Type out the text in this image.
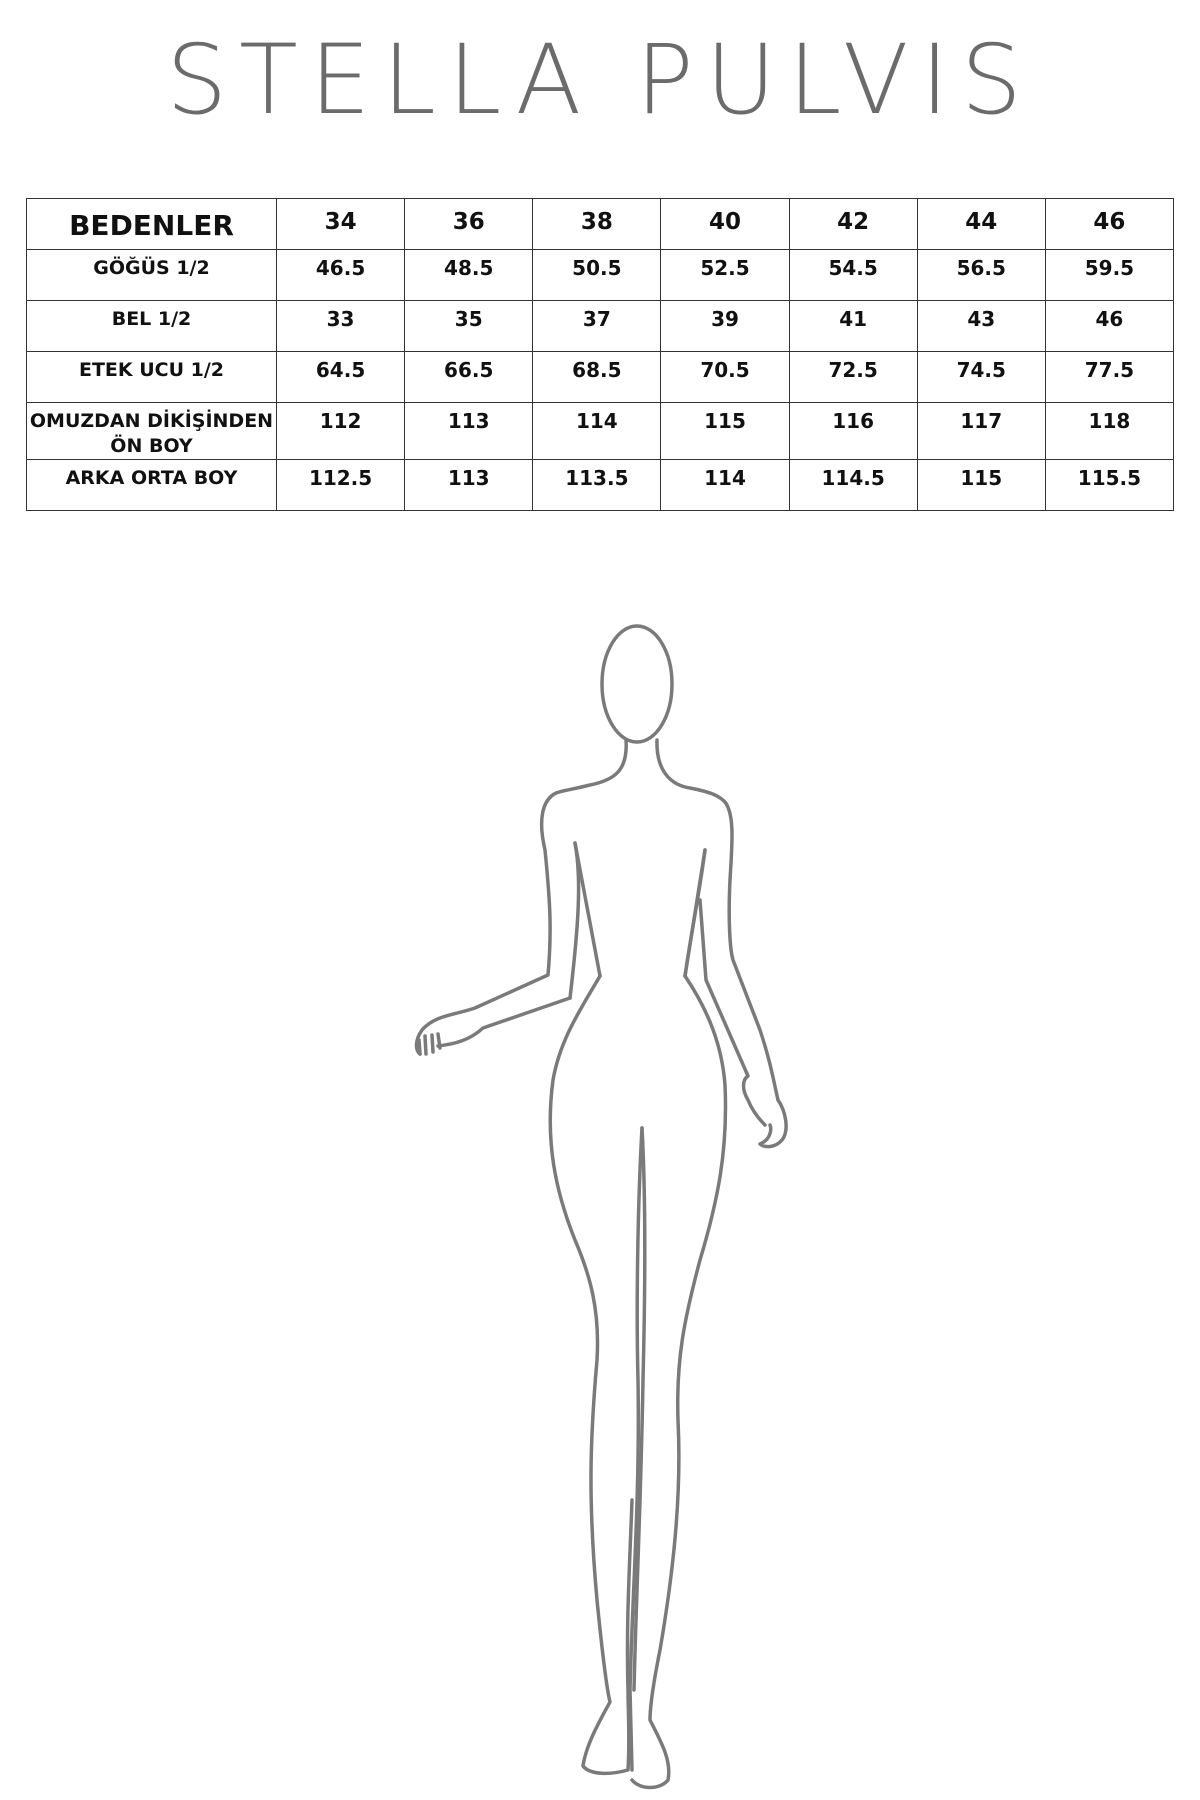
STELLA PULVIS
BEDENLER	34	36	38	40	42	44	46
GÖĞÜS 1/2	46.5	48.5	50.5	52.5	54.5	56.5	59.5
BEL 1/2	33	35	37	39	41	43	46
ETEK UCU 1/2	64.5	66.5	68.5	70.5	72.5	74.5	77.5
OMUZDAN DİKİŞİNDEN ÖN BOY	112	113	114	115	116	117	118
ARKA ORTA BOY	112.5	113	113.5	114	114.5	115	115.5
